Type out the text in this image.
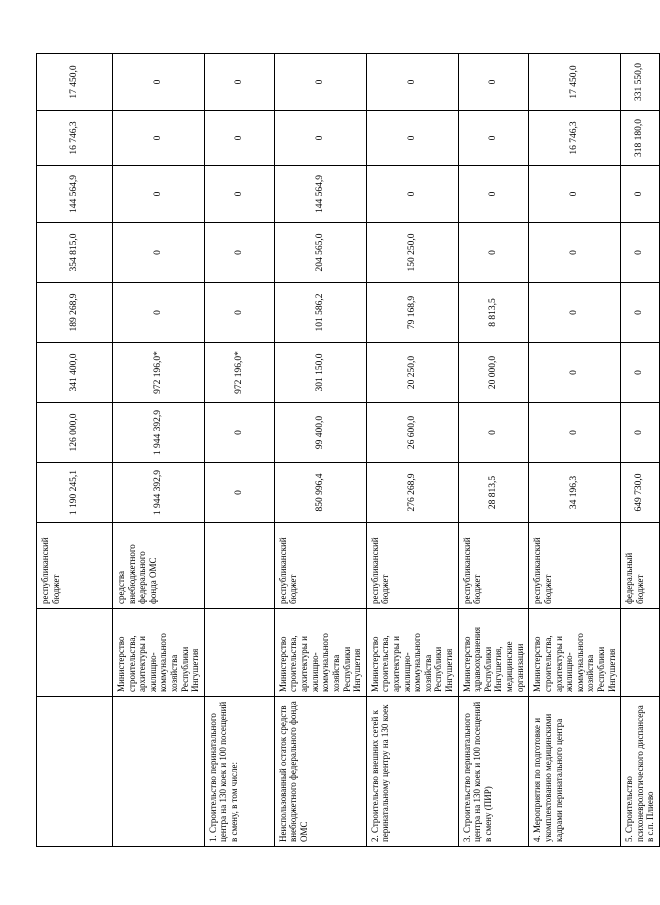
		республиканский бюджет	1 190 245,1	126 000,0	341 400,0	189 268,9	354 815,0	144 564,9	16 746,3	17 450,0
	Министерство строительства, архитектуры и жилищно-коммунального хозяйства Республики Ингушетия	средства внебюджетного федерального фонда ОМС	1 944 392,9	1 944 392,9	972 196,0*	0	0	0	0	0
1. Строительство перинатального центра на 130 коек и 100 посещений в смену, в том числе:			0	0	972 196,0*	0	0	0	0	0
Неиспользованный остаток средств внебюджетного федерального фонда ОМС	Министерство строительства, архитектуры и жилищно-коммунального хозяйства Республики Ингушетия	республиканский бюджет	850 996,4	99 400,0	301 150,0	101 586,2	204 565,0	144 564,9	0	0
2. Строительство внешних сетей к перинатальному центру на 130 коек	Министерство строительства, архитектуры и жилищно-коммунального хозяйства Республики Ингушетия	республиканский бюджет	276 268,9	26 600,0	20 250,0	79 168,9	150 250,0	0	0	0
3. Строительство перинатального центра на 130 коек и 100 посещений в смену (ПИР)	Министерство здравоохранения Республики Ингушетия, медицинские организации	республиканский бюджет	28 813,5	0	20 000,0	8 813,5	0	0	0	0
4. Мероприятия по подготовке и укомплектованию медицинскими кадрами перинатального центра	Министерство строительства, архитектуры и жилищно-коммунального хозяйства Республики Ингушетия	республиканский бюджет	34 196,3	0	0	0	0	0	16 746,3	17 450,0
5. Строительство психоневрологического диспансера в с.п. Плиево		федеральный бюджет	649 730,0	0	0	0	0	0	318 180,0	331 550,0
